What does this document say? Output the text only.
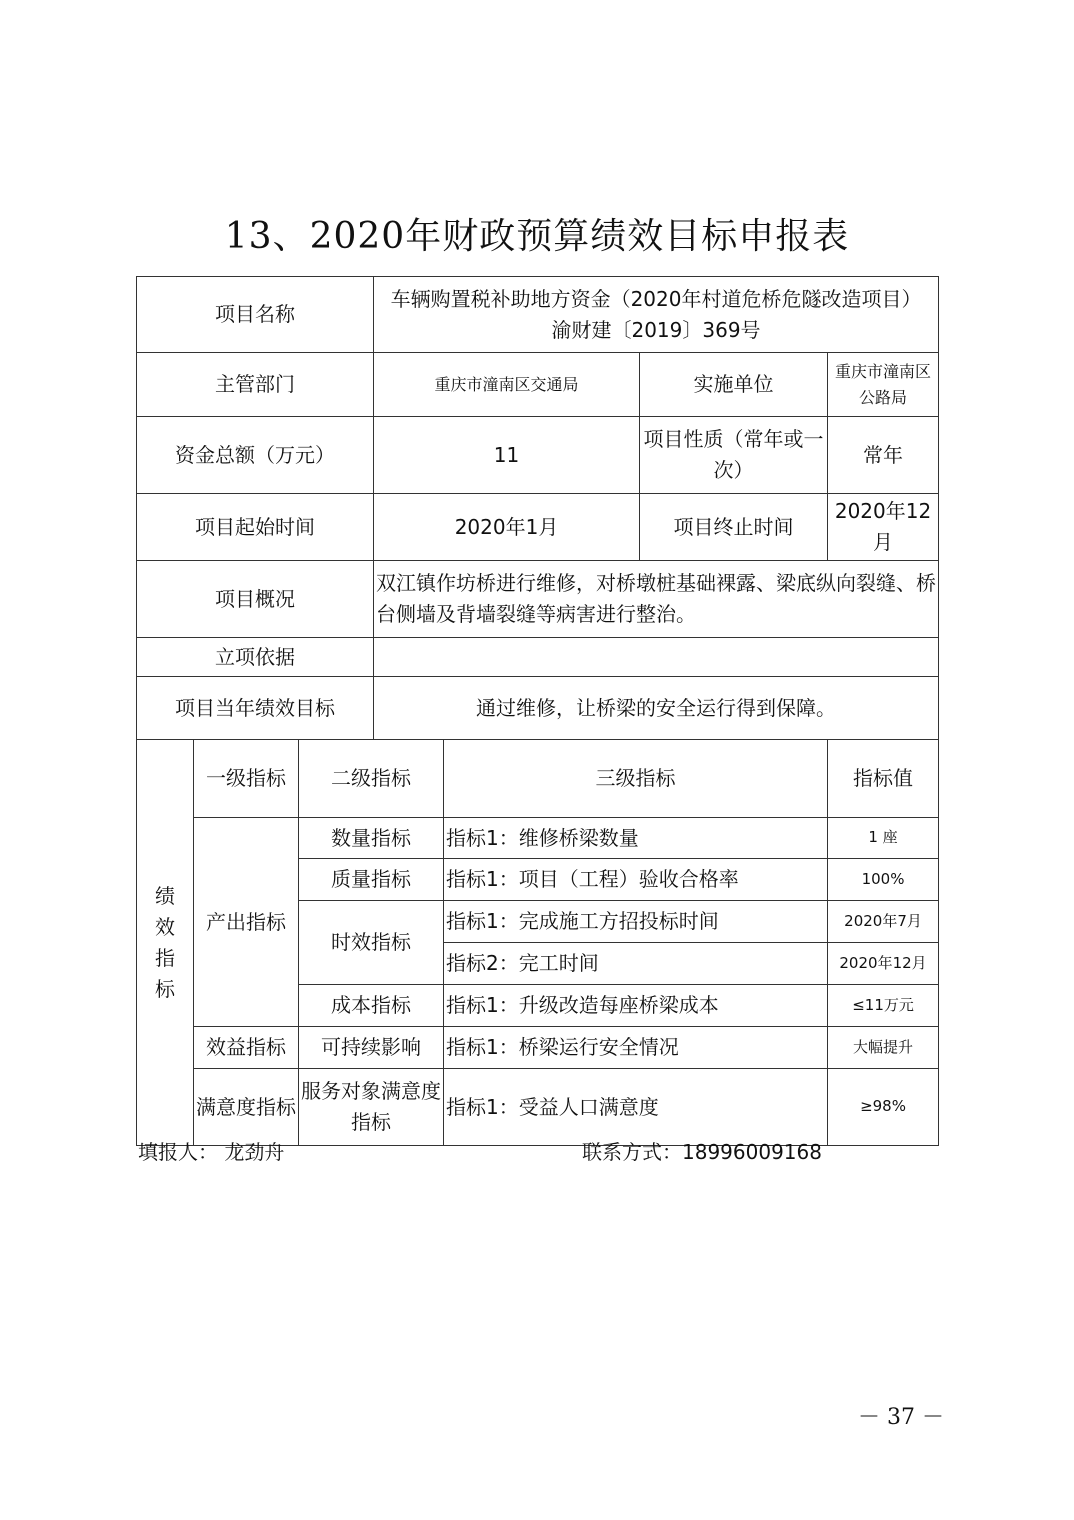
13、2020年财政预算绩效目标申报表
项目名称			车辆购置税补助地方资金（2020年村道危桥危隧改造项目）
渝财建〔2019〕369号			

主管部门			重庆市潼南区交通局		实施单位	重庆市潼南区公路局
资金总额（万元）			11		项目性质（常年或一次）	常年
项目起始时间			2020年1月		项目终止时间	2020年12月
项目概况			双江镇作坊桥进行维修，对桥墩桩基础裸露、梁底纵向裂缝、桥台侧墙及背墙裂缝等病害进行整治。			
立项依据						
项目当年绩效目标			通过维修，让桥梁的安全运行得到保障。			

绩
效
指
标	一级指标	二级指标		三级指标		指标值
	产出指标	数量指标		指标1：维修桥梁数量		1 座
		质量指标		指标1：项目（工程）验收合格率		100%
		时效指标		指标1：完成施工方招投标时间		2020年7月
				指标2：完工时间		2020年12月
		成本指标		指标1：升级改造每座桥梁成本		≤11万元
	效益指标	可持续影响		指标1：桥梁运行安全情况		大幅提升
	满意度指标	服务对象满意度指标		指标1：受益人口满意度		≥98%
填报人： 龙劲舟	联系方式：18996009168
－ 37 －
